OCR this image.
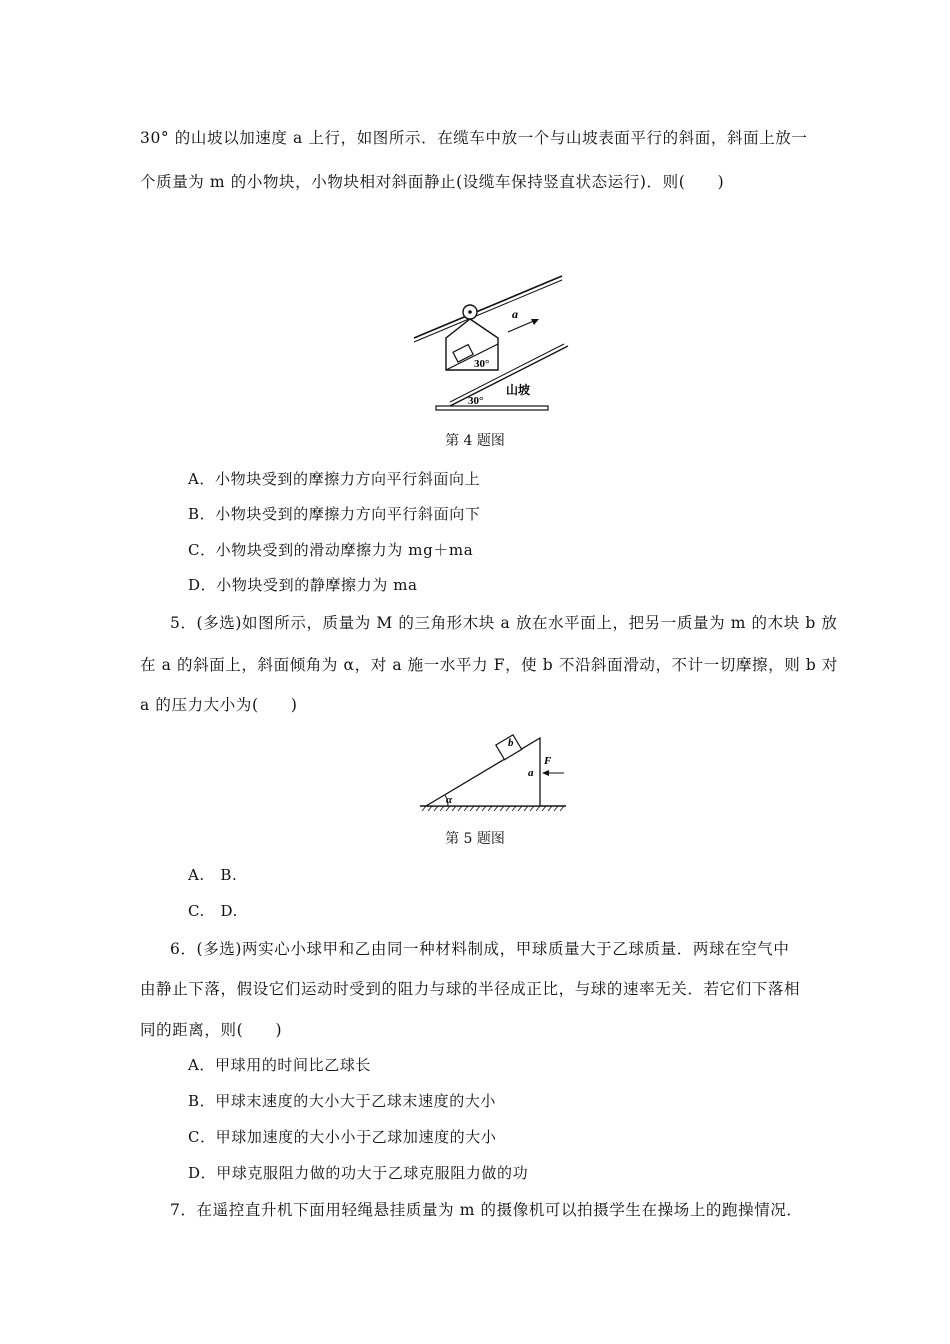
30° 的山坡以加速度 a 上行，如图所示．在缆车中放一个与山坡表面平行的斜面，斜面上放一
个质量为 m 的小物块，小物块相对斜面静止(设缆车保持竖直状态运行)．则(　　)
30°
a
山坡
30°
第 4 题图
A．小物块受到的摩擦力方向平行斜面向上
B．小物块受到的摩擦力方向平行斜面向下
C．小物块受到的滑动摩擦力为 mg＋ma
D．小物块受到的静摩擦力为 ma
5．(多选)如图所示，质量为 M 的三角形木块 a 放在水平面上，把另一质量为 m 的木块 b 放
在 a 的斜面上，斜面倾角为 α，对 a 施一水平力 F，使 b 不沿斜面滑动，不计一切摩擦，则 b 对
a 的压力大小为(　　)
α
b
a
F
第 5 题图
A.　B.
C.　D.
6．(多选)两实心小球甲和乙由同一种材料制成，甲球质量大于乙球质量．两球在空气中
由静止下落，假设它们运动时受到的阻力与球的半径成正比，与球的速率无关．若它们下落相
同的距离，则(　　)
A．甲球用的时间比乙球长
B．甲球末速度的大小大于乙球末速度的大小
C．甲球加速度的大小小于乙球加速度的大小
D．甲球克服阻力做的功大于乙球克服阻力做的功
7．在遥控直升机下面用轻绳悬挂质量为 m 的摄像机可以拍摄学生在操场上的跑操情况．
